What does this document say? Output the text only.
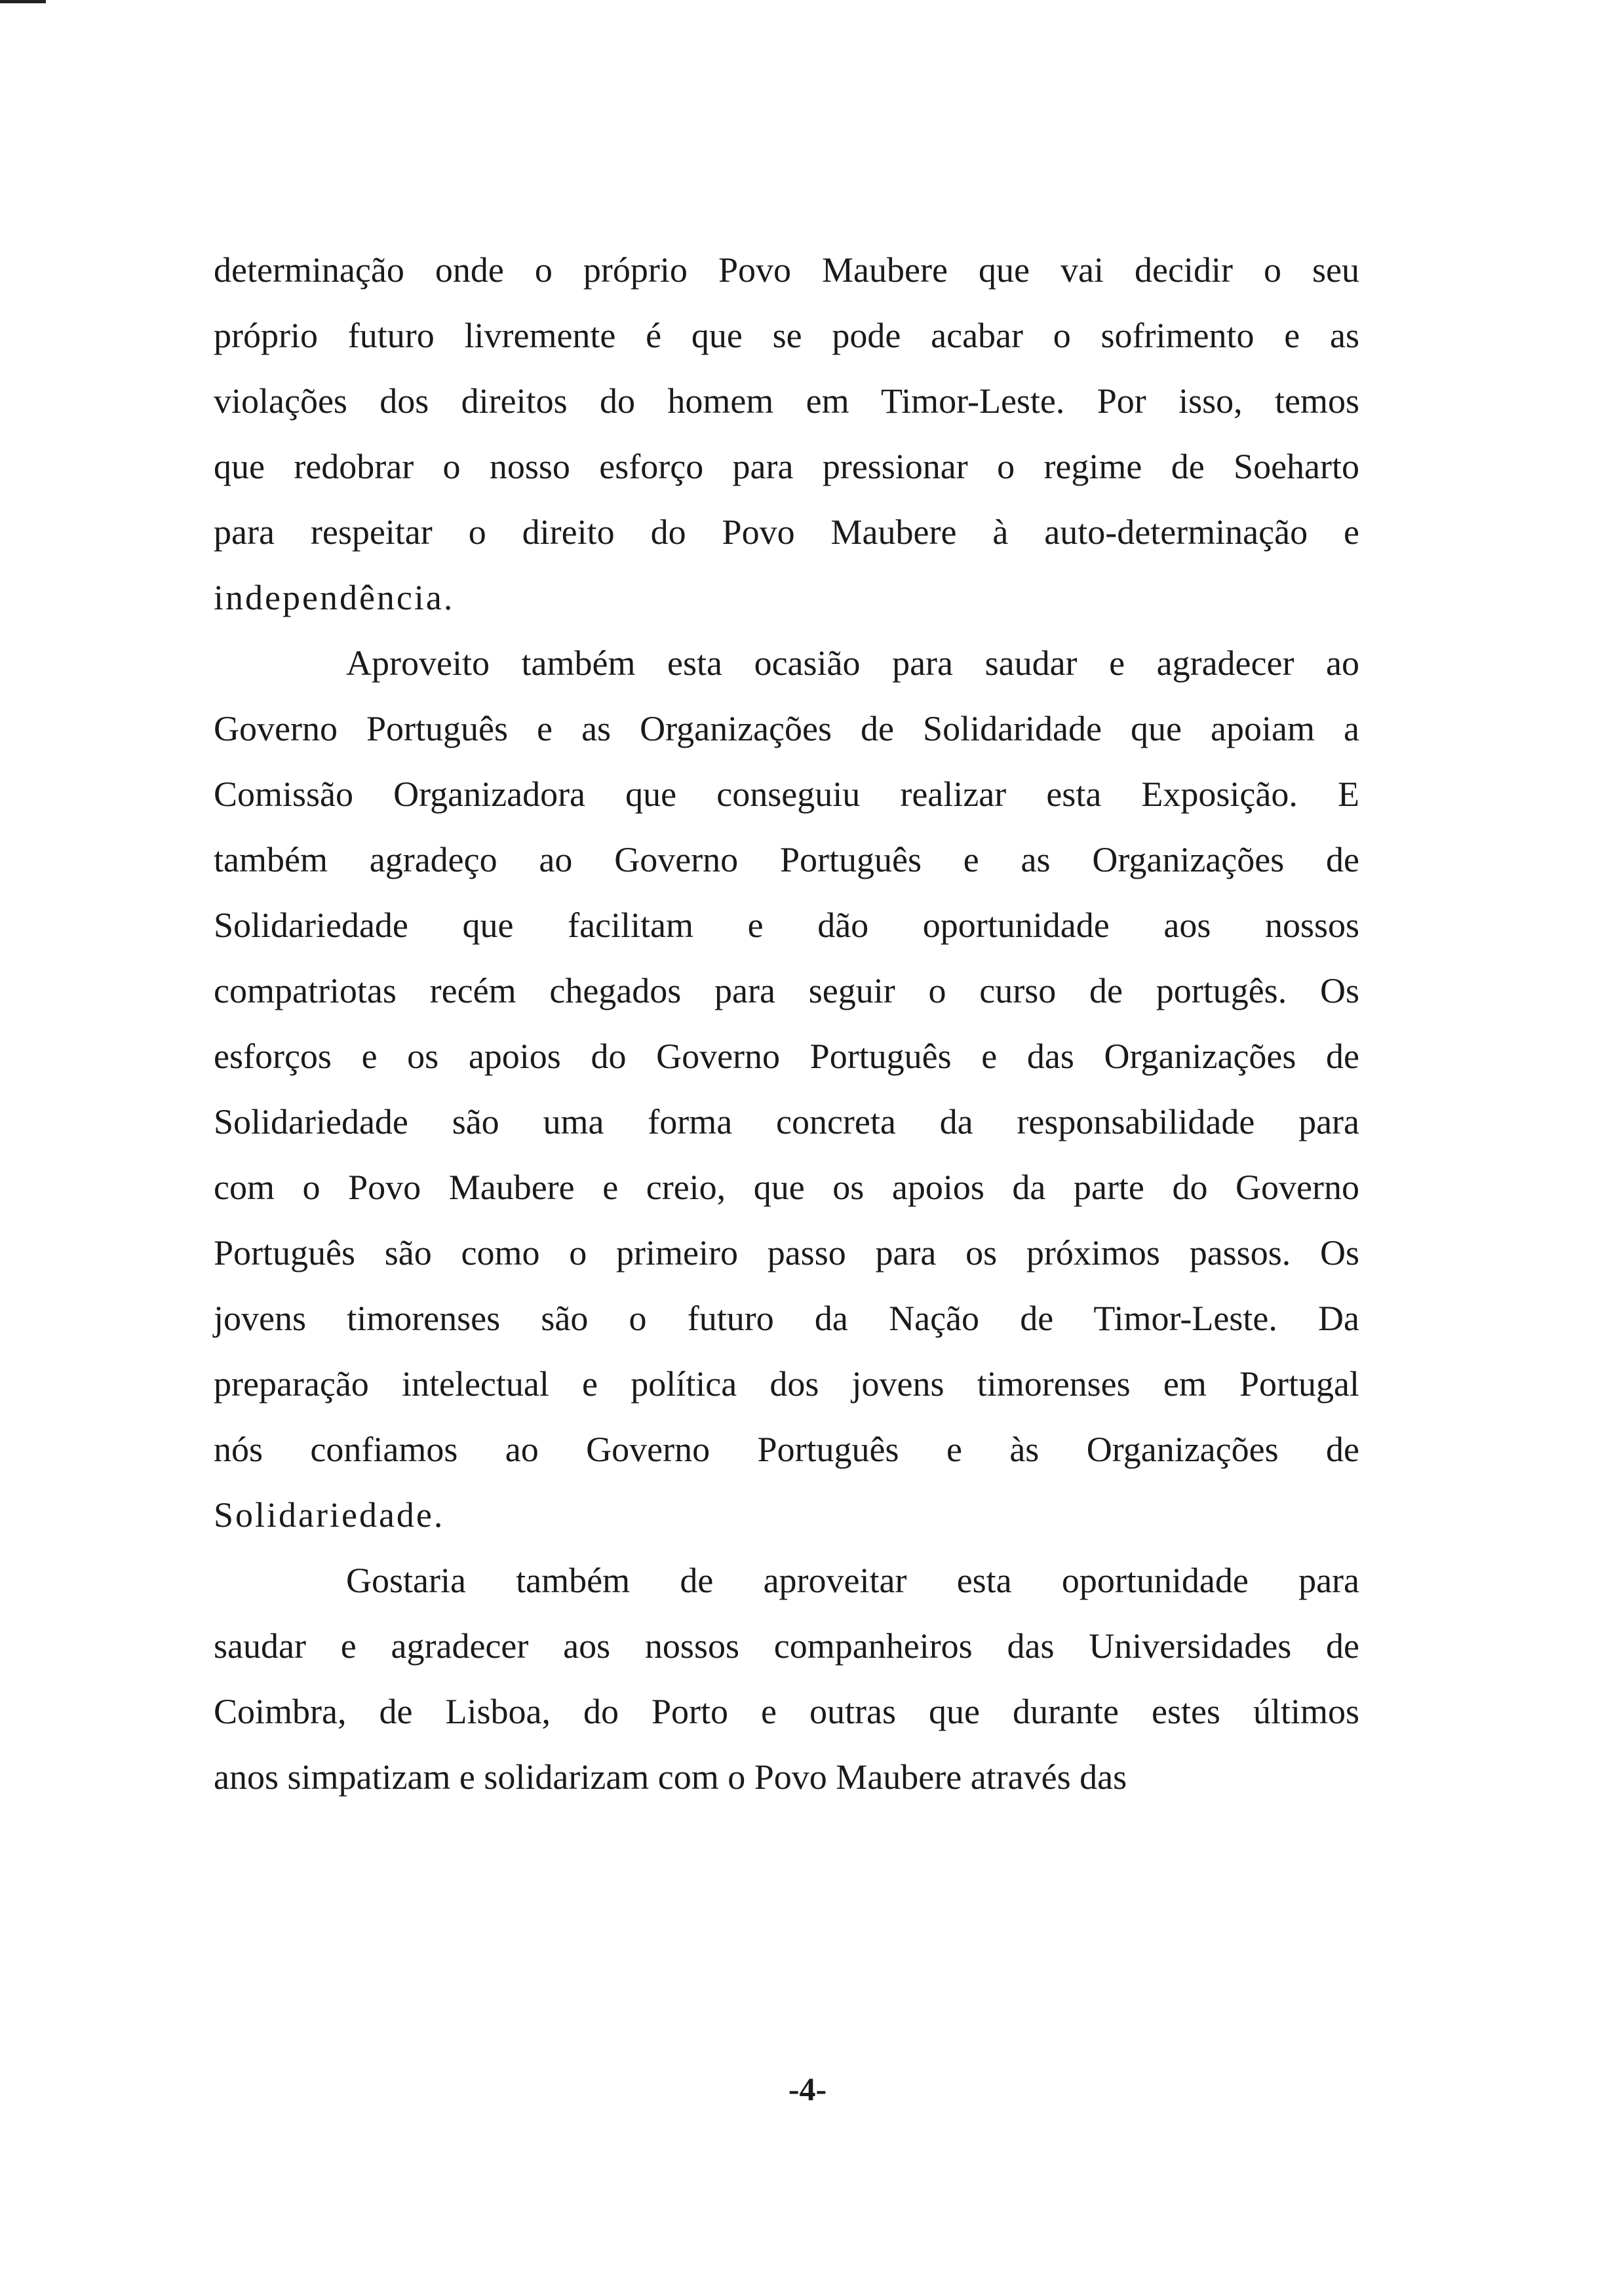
determinação onde o próprio Povo Maubere que vai decidir o seu
próprio futuro livremente é que se pode acabar o sofrimento e as
violações dos direitos do homem em Timor-Leste. Por isso, temos
que redobrar o nosso esforço para pressionar o regime de Soeharto
para respeitar o direito do Povo Maubere à auto-determinação e
independência.
Aproveito também esta ocasião para saudar e agradecer ao
Governo Português e as Organizações de Solidaridade que apoiam a
Comissão Organizadora que conseguiu realizar esta Exposição. E
também agradeço ao Governo Português e as Organizações de
Solidariedade que facilitam e dão oportunidade aos nossos
compatriotas recém chegados para seguir o curso de portugês. Os
esforços e os apoios do Governo Português e das Organizações de
Solidariedade são uma forma concreta da responsabilidade para
com o Povo Maubere e creio, que os apoios da parte do Governo
Português são como o primeiro passo para os próximos passos. Os
jovens timorenses são o futuro da Nação de Timor-Leste. Da
preparação intelectual e política dos jovens timorenses em Portugal
nós confiamos ao Governo Português e às Organizações de
Solidariedade.
Gostaria também de aproveitar esta oportunidade para
saudar e agradecer aos nossos companheiros das Universidades de
Coimbra, de Lisboa, do Porto e outras que durante estes últimos
anos simpatizam e solidarizam com o Povo Maubere através das
-4-
